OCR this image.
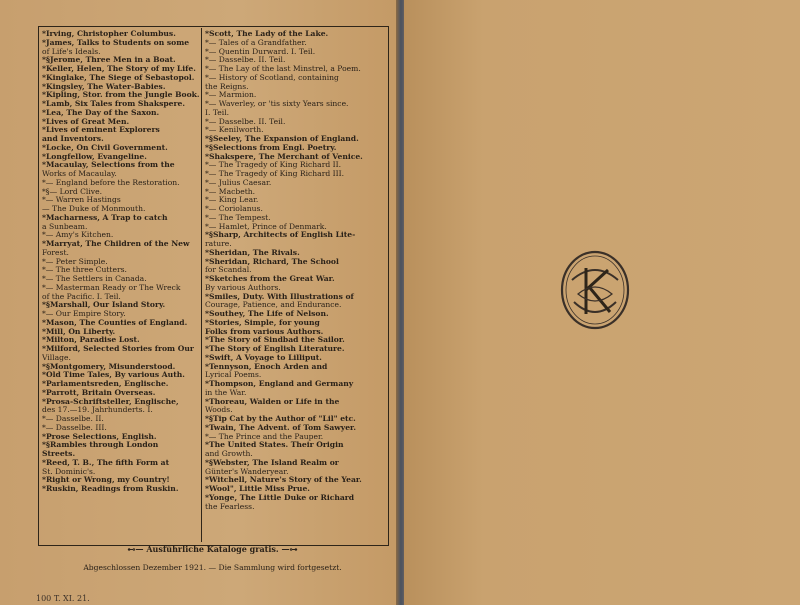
*Irving, Christopher Columbus.
*James, Talks to Students on some
of Life's Ideals.
*§Jerome, Three Men in a Boat.
*Keller, Helen, The Story of my Life.
*Kinglake, The Siege of Sebastopol.
*Kingsley, The Water-Babies.
*Kipling, Stor. from the Jungle Book.
*Lamb, Six Tales from Shakspere.
*Lea, The Day of the Saxon.
*Lives of Great Men.
*Lives of eminent Explorers
and Inventors.
*Locke, On Civil Government.
*Longfellow, Evangeline.
*Macaulay, Selections from the
Works of Macaulay.
*— England before the Restoration.
*§— Lord Clive.
*— Warren Hastings
— The Duke of Monmouth.
*Macharness, A Trap to catch
a Sunbeam.
*— Amy's Kitchen.
*Marryat, The Children of the New
Forest.
*— Peter Simple.
*— The three Cutters.
*— The Settlers in Canada.
*— Masterman Ready or The Wreck
of the Pacific. I. Teil.
*§Marshall, Our Island Story.
*— Our Empire Story.
*Mason, The Counties of England.
*Mill, On Liberty.
*Milton, Paradise Lost.
*Milford, Selected Stories from Our
Village.
*§Montgomery, Misunderstood.
*Old Time Tales, By various Auth.
*Parlamentsreden, Englische.
*Parrott, Britain Overseas.
*Prosa-Schriftsteller, Englische,
des 17.—19. Jahrhunderts. I.
*— Dasselbe. II.
*— Dasselbe. III.
*Prose Selections, English.
*§Rambles through London
Streets.
*Reed, T. B., The fifth Form at
St. Dominic's.
*Right or Wrong, my Country!
*Ruskin, Readings from Ruskin.
*Scott, The Lady of the Lake.
*— Tales of a Grandfather.
*— Quentin Durward. I. Teil.
*— Dasselbe. II. Teil.
*— The Lay of the last Minstrel, a Poem.
*— History of Scotland, containing
the Reigns.
*— Marmion.
*— Waverley, or 'tis sixty Years since.
I. Teil.
*— Dasselbe. II. Teil.
*— Kenilworth.
*§Seeley, The Expansion of England.
*§Selections from Engl. Poetry.
*Shakspere, The Merchant of Venice.
*— The Tragedy of King Richard II.
*— The Tragedy of King Richard III.
*— Julius Caesar.
*— Macbeth.
*— King Lear.
*— Coriolanus.
*— The Tempest.
*— Hamlet, Prince of Denmark.
*§Sharp, Architects of English Lite-
rature.
*Sheridan, The Rivals.
*Sheridan, Richard, The School
for Scandal.
*Sketches from the Great War.
By various Authors.
*Smiles, Duty. With Illustrations of
Courage, Patience, and Endurance.
*Southey, The Life of Nelson.
*Stories, Simple, for young
Folks from various Authors.
*The Story of Sindbad the Sailor.
*The Story of English Literature.
*Swift, A Voyage to Lilliput.
*Tennyson, Enoch Arden and
Lyrical Poems.
*Thompson, England and Germany
in the War.
*Thoreau, Walden or Life in the
Woods.
*§Tip Cat by the Author of "Lil" etc.
*Twain, The Advent. of Tom Sawyer.
*— The Prince and the Pauper.
*The United States. Their Origin
and Growth.
*§Webster, The Island Realm or
Günter's Wanderyear.
*Witchell, Nature's Story of the Year.
*Wool", Little Miss Prue.
*Yonge, The Little Duke or Richard
the Fearless.
⊷— Ausführliche Kataloge gratis. —⊶
Abgeschlossen Dezember 1921. — Die Sammlung wird fortgesetzt.
100 T. XI. 21.
